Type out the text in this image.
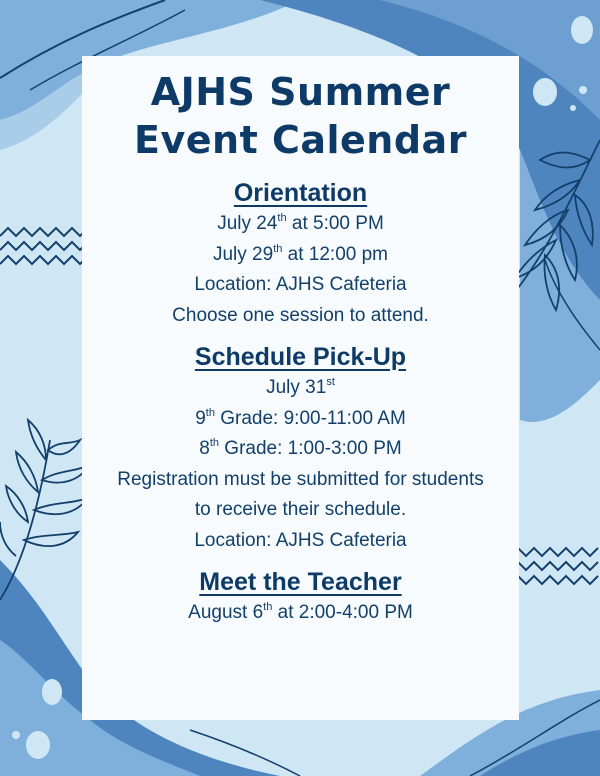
AJHS Summer
Event Calendar
Orientation
July 24th at 5:00 PM
July 29th at 12:00 pm
Location: AJHS Cafeteria
Choose one session to attend.
Schedule Pick-Up
July 31st
9th Grade: 9:00-11:00 AM
8th Grade: 1:00-3:00 PM
Registration must be submitted for students
to receive their schedule.
Location: AJHS Cafeteria
Meet the Teacher
August 6th at 2:00-4:00 PM
